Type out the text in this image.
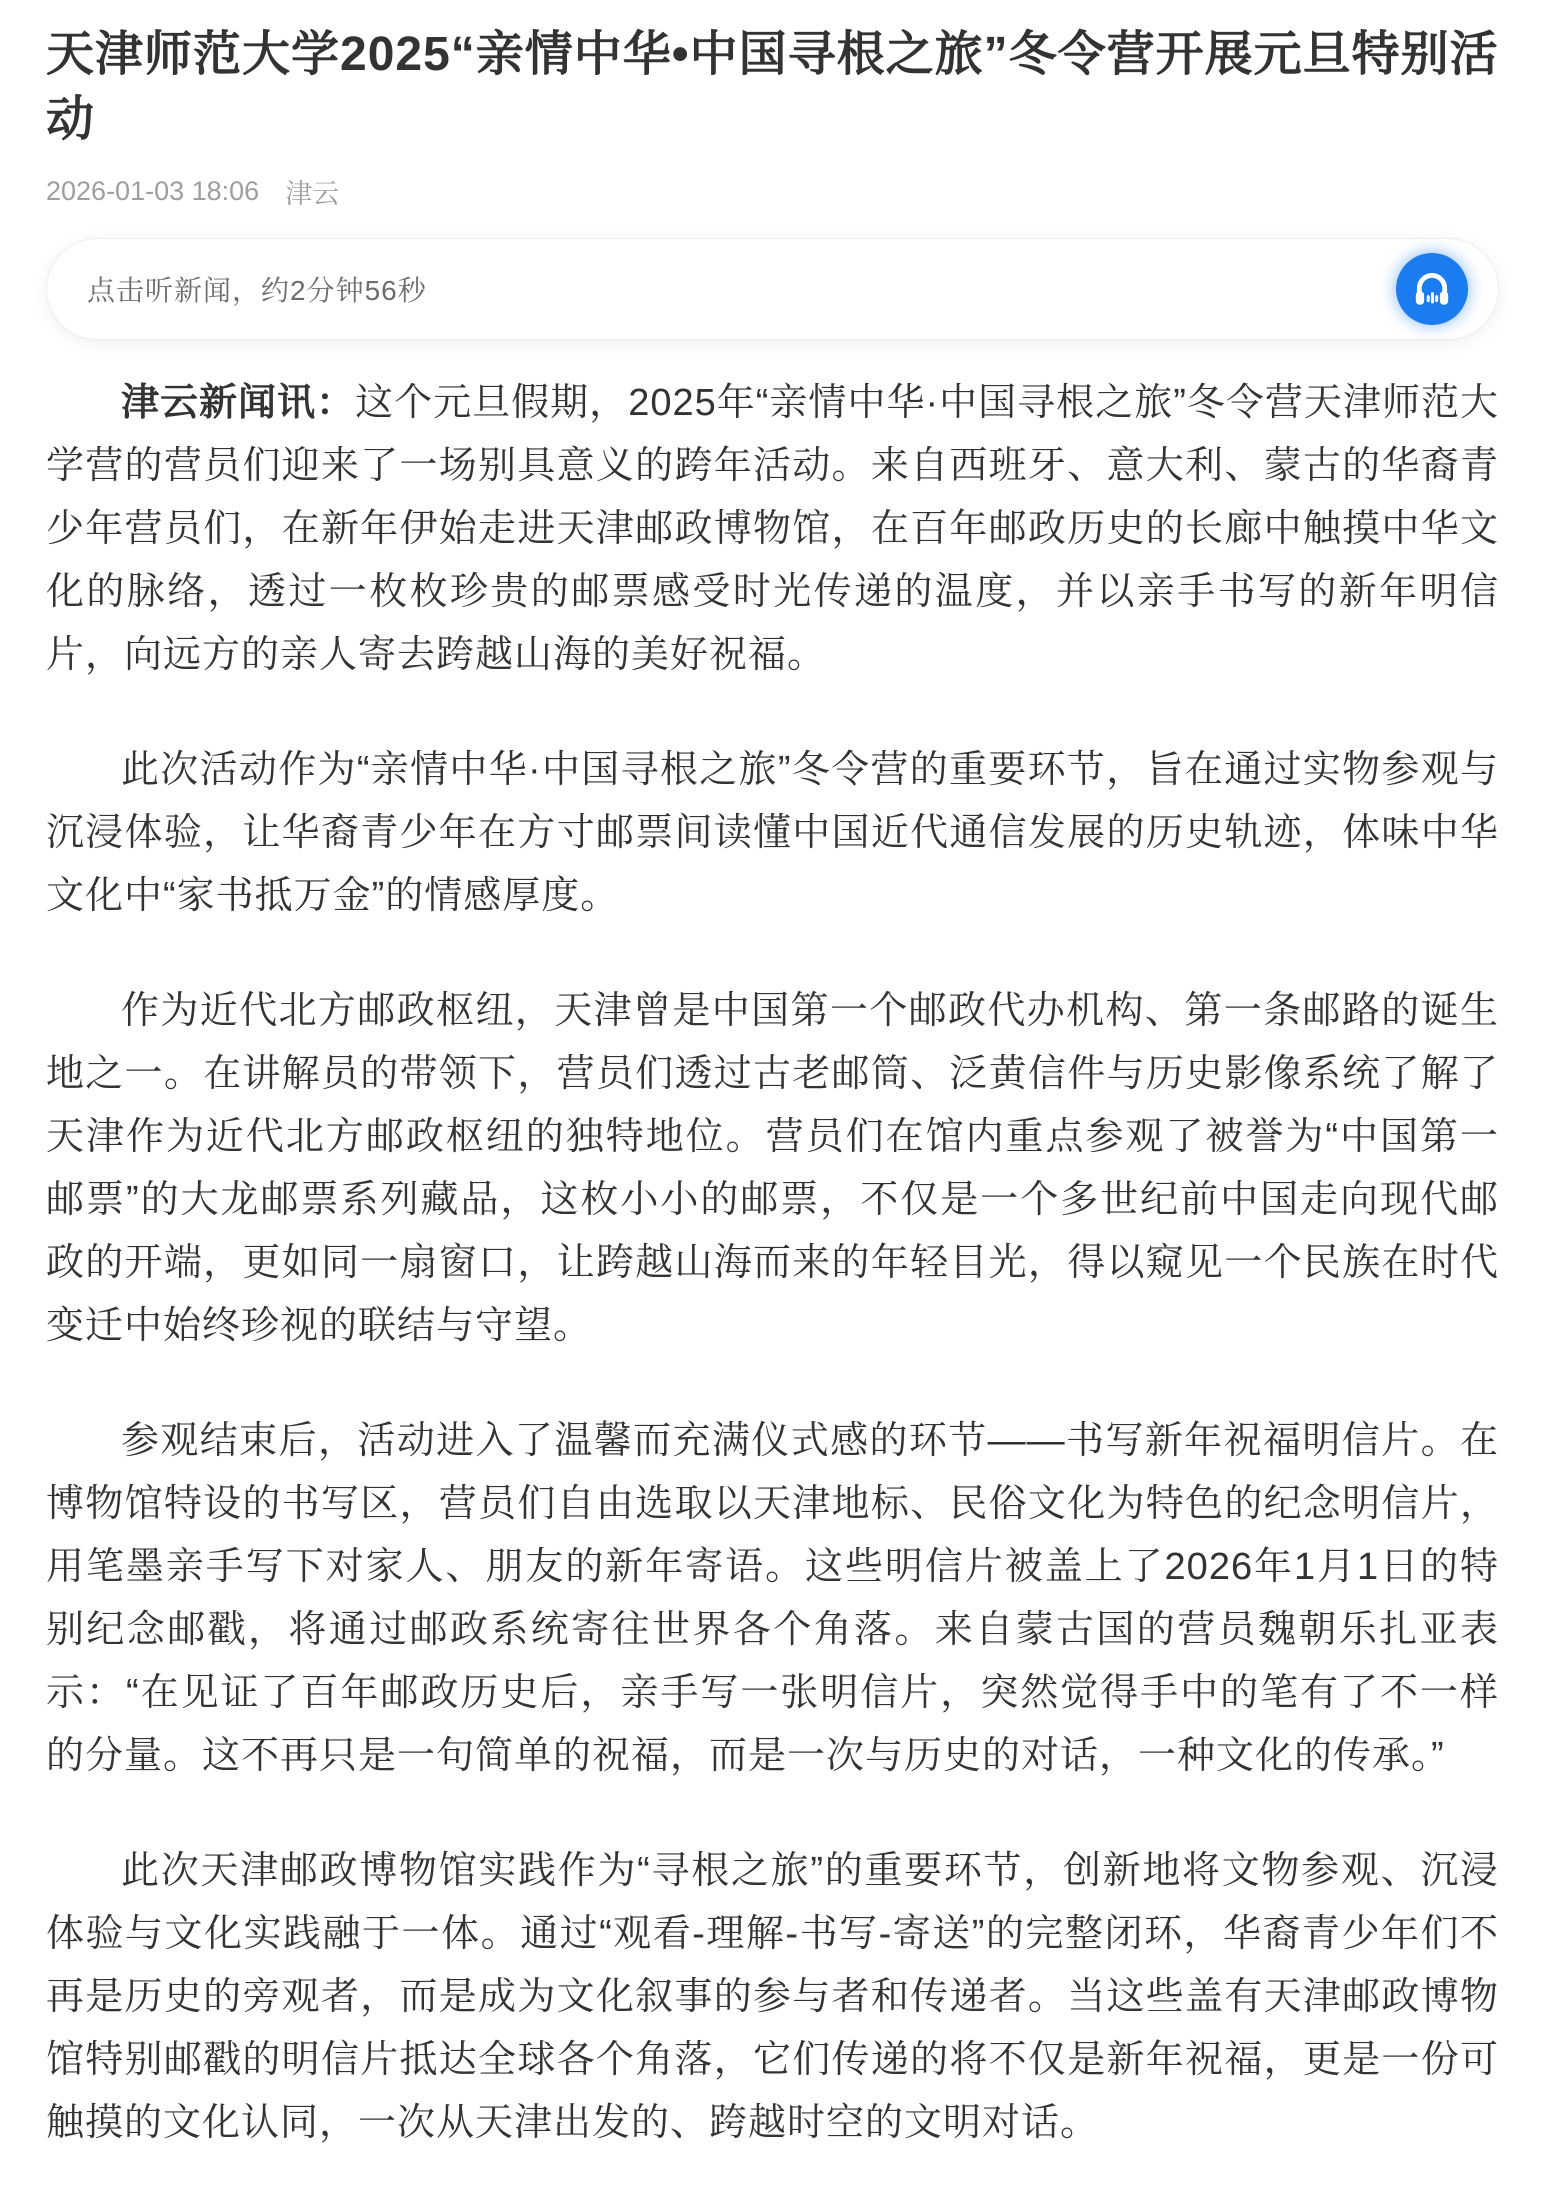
天津师范大学2025“亲情中华•中国寻根之旅”冬令营开展元旦特别活动
2026-01-03 18:06 津云
点击听新闻，约2分钟56秒

津云新闻讯：这个元旦假期，2025年“亲情中华·中国寻根之旅”冬令营天津师范大学营的营员们迎来了一场别具意义的跨年活动。来自西班牙、意大利、蒙古的华裔青少年营员们，在新年伊始走进天津邮政博物馆，在百年邮政历史的长廊中触摸中华文化的脉络，透过一枚枚珍贵的邮票感受时光传递的温度，并以亲手书写的新年明信片，向远方的亲人寄去跨越山海的美好祝福。

此次活动作为“亲情中华·中国寻根之旅”冬令营的重要环节，旨在通过实物参观与沉浸体验，让华裔青少年在方寸邮票间读懂中国近代通信发展的历史轨迹，体味中华文化中“家书抵万金”的情感厚度。

作为近代北方邮政枢纽，天津曾是中国第一个邮政代办机构、第一条邮路的诞生地之一。在讲解员的带领下，营员们透过古老邮筒、泛黄信件与历史影像系统了解了天津作为近代北方邮政枢纽的独特地位。营员们在馆内重点参观了被誉为“中国第一邮票”的大龙邮票系列藏品，这枚小小的邮票，不仅是一个多世纪前中国走向现代邮政的开端，更如同一扇窗口，让跨越山海而来的年轻目光，得以窥见一个民族在时代变迁中始终珍视的联结与守望。

参观结束后，活动进入了温馨而充满仪式感的环节——书写新年祝福明信片。在博物馆特设的书写区，营员们自由选取以天津地标、民俗文化为特色的纪念明信片，用笔墨亲手写下对家人、朋友的新年寄语。这些明信片被盖上了2026年1月1日的特别纪念邮戳，将通过邮政系统寄往世界各个角落。来自蒙古国的营员魏朝乐扎亚表示：“在见证了百年邮政历史后，亲手写一张明信片，突然觉得手中的笔有了不一样的分量。这不再只是一句简单的祝福，而是一次与历史的对话，一种文化的传承。”

此次天津邮政博物馆实践作为“寻根之旅”的重要环节，创新地将文物参观、沉浸体验与文化实践融于一体。通过“观看-理解-书写-寄送”的完整闭环，华裔青少年们不再是历史的旁观者，而是成为文化叙事的参与者和传递者。当这些盖有天津邮政博物馆特别邮戳的明信片抵达全球各个角落，它们传递的将不仅是新年祝福，更是一份可触摸的文化认同，一次从天津出发的、跨越时空的文明对话。
